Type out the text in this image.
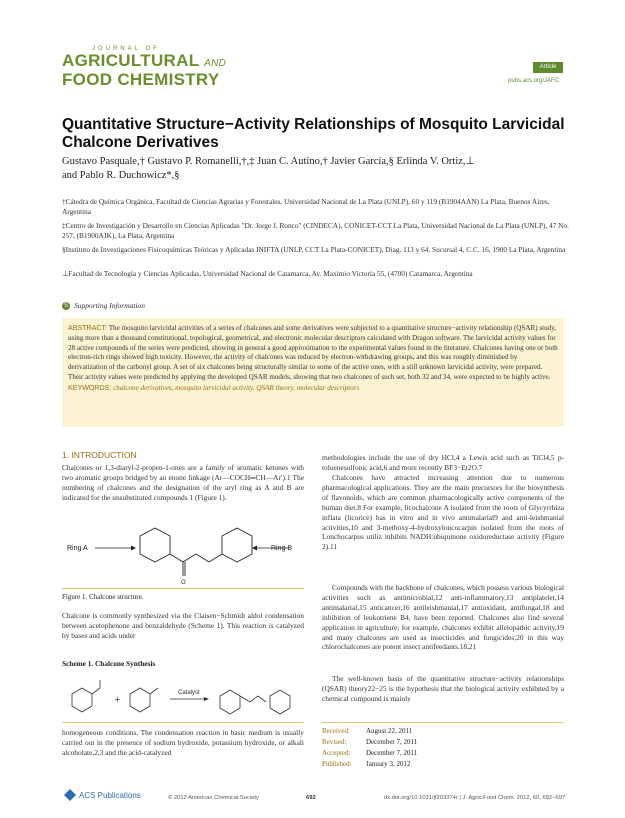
JOURNAL OF
AGRICULTURAL AND
FOOD CHEMISTRY
Article
pubs.acs.org/JAFC
Quantitative Structure−Activity Relationships of Mosquito Larvicidal Chalcone Derivatives
Gustavo Pasquale,† Gustavo P. Romanelli,†,‡ Juan C. Autino,† Javier García,§ Erlinda V. Ortiz,⊥
and Pablo R. Duchowicz*,§
†Cátedra de Química Orgánica, Facultad de Ciencias Agrarias y Forestales, Universidad Nacional de La Plata (UNLP), 60 y 119 (B1904AAN) La Plata, Buenos Aires, Argentina
‡Centro de Investigación y Desarrollo en Ciencias Aplicadas "Dr. Jorge J. Ronco" (CINDECA), CONICET-CCT La Plata, Universidad Nacional de La Plata (UNLP), 47 No. 257, (B1900AJK), La Plata, Argentina
§Instituto de Investigaciones Fisicoquímicas Teóricas y Aplicadas INIFTA (UNLP, CCT La Plata-CONICET), Diag. 113 y 64, Sucursal 4, C.C. 16, 1900 La Plata, Argentina
⊥Facultad de Tecnología y Ciencias Aplicadas, Universidad Nacional de Catamarca, Av. Maximio Victoria 55, (4700) Catamarca, Argentina
S Supporting Information
ABSTRACT: The mosquito larvicidal activities of a series of chalcones and some derivatives were subjected to a quantitative structure−activity relationship (QSAR) study, using more than a thousand constitutional, topological, geometrical, and electronic molecular descriptors calculated with Dragon software. The larvicidal activity values for 28 active compounds of the series were predicted, showing in general a good approximation to the experimental values found in the literature. Chalcones having one or both electron-rich rings showed high toxicity. However, the activity of chalcones was reduced by electron-withdrawing groups, and this was roughly diminished by derivatization of the carbonyl group. A set of six chalcones being structurally similar to some of the active ones, with a still unknown larvicidal activity, were prepared. Their activity values were predicted by applying the developed QSAR models, showing that two chalcones of such set, both 32 and 34, were expected to be highly active.
KEYWORDS: chalcone derivatives, mosquito larvicidal activity, QSAR theory, molecular descriptors
1. INTRODUCTION
Chalcones or 1,3-diaryl-2-propen-1-ones are a family of aromatic ketones with two aromatic groups bridged by an enone linkage (Ar—COCH═CH—Ar′).1 The numbering of chalcones and the designation of the aryl ring as A and B are indicated for the unsubstituted compounds 1 (Figure 1).
Ring A
O
Ring B
Figure 1. Chalcone structure.
Chalcone is commonly synthesized via the Claisen−Schmidt aldol condensation between acetophenone and benzaldehyde (Scheme 1). This reaction is catalyzed by bases and acids under
Scheme 1. Chalcone Synthesis
+
Catalyst
homogeneous conditions. The condensation reaction in basic medium is usually carried out in the presence of sodium hydroxide, potassium hydroxide, or alkali alcoholate,2,3 and the acid-catalyzed
methodologies include the use of dry HCl,4 a Lewis acid such as TiCl4,5 p-toluenesulfonic acid,6 and more recently BF3−Et2O.7
Chalcones have attracted increasing attention due to numerous pharmacological applications. They are the main precursors for the biosynthesis of flavonoids, which are common pharmacologically active components of the human diet.8 For example, licochalcone A isolated from the roots of Glycyrrhiza inflata (licorice) has in vitro and in vivo antimalarial9 and anti-leishmanial activities,10 and 3-methoxy-4-hydroxyloncocarpin isolated from the roots of Lonchocarpus utiliz inhibits NADH:ubiquinone oxidoreductase activity (Figure 2).11
Compounds with the backbone of chalcones, which possess various biological activities such as antimicrobial,12 anti-inflammatory,13 antiplatelet,14 antimalarial,15 anticancer,16 antileishmanial,17 antioxidant, antifungal,18 and inhibition of leukotriene B4, have been reported. Chalcones also find several application in agriculture; for example, chalcones exhibit allelopathic activity,19 and many chalcones are used as insecticides and fungicides;20 in this way chlorochalcones are potent insect antifeedants.18,21
The well-known basis of the quantitative structure−activity relationships (QSAR) theory22−25 is the hypothesis that the biological activity exhibited by a chemical compound is mainly
Received: August 22, 2011
Revised:	December 7, 2011
Accepted: December 7, 2011
Published: January 3, 2012
ACS Publications	© 2012 American Chemical Society	692	dx.doi.org/10.1021/jf203374r | J. Agric.Food Chem. 2012, 60, 692−697
